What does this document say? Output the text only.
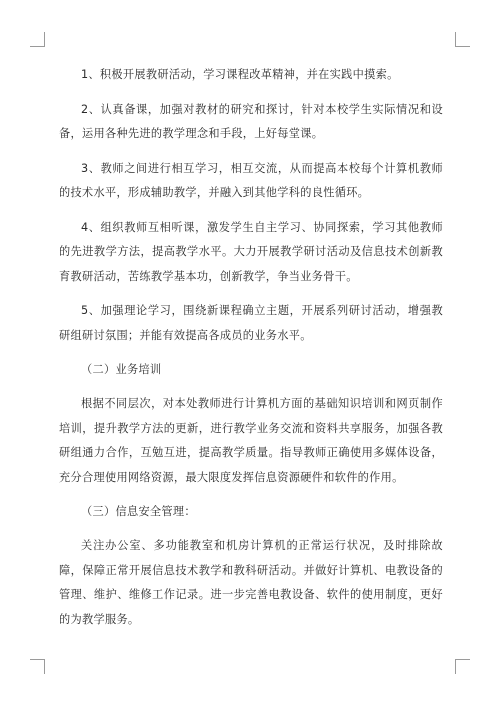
1、积极开展教研活动，学习课程改革精神，并在实践中摸索。

2、认真备课，加强对教材的研究和探讨，针对本校学生实际情况和设备，运用各种先进的教学理念和手段，上好每堂课。

3、教师之间进行相互学习，相互交流，从而提高本校每个计算机教师的技术水平，形成辅助教学，并融入到其他学科的良性循环。

4、组织教师互相听课，激发学生自主学习、协同探索，学习其他教师的先进教学方法，提高教学水平。大力开展教学研讨活动及信息技术创新教育教研活动，苦练教学基本功，创新教学，争当业务骨干。

5、加强理论学习，围绕新课程确立主题，开展系列研讨活动，增强教研组研讨氛围；并能有效提高各成员的业务水平。

（二）业务培训

根据不同层次，对本处教师进行计算机方面的基础知识培训和网页制作培训，提升教学方法的更新，进行教学业务交流和资料共享服务，加强各教研组通力合作，互勉互进，提高教学质量。指导教师正确使用多媒体设备，充分合理使用网络资源，最大限度发挥信息资源硬件和软件的作用。

（三）信息安全管理：

关注办公室、多功能教室和机房计算机的正常运行状况，及时排除故障，保障正常开展信息技术教学和教科研活动。并做好计算机、电教设备的管理、维护、维修工作记录。进一步完善电教设备、软件的使用制度，更好的为教学服务。
